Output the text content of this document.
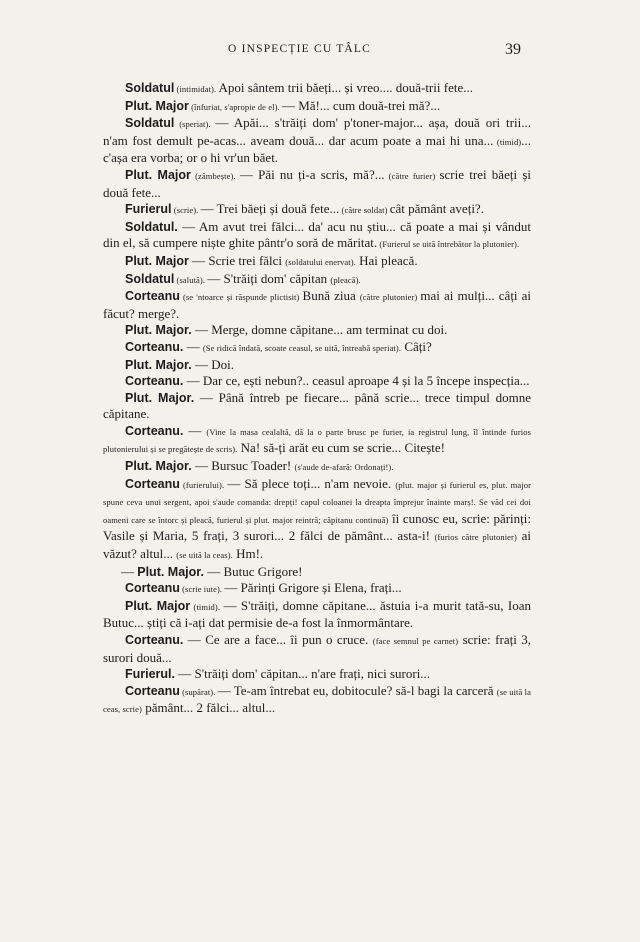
O INSPECȚIE CU TÂLC	39

Soldatul (intimidat). Apoi sântem trii băeți... și vreo.... două-trii fete...

Plut. Major (înfuriat, s'apropie de el). — Mă!... cum două-trei mă?...

Soldatul (speriat). — Apăi... s'trăiți dom' p'toner-major... așa, două ori trii... n'am fost demult pe-acas... aveam două... dar acum poate a mai hi una... (timid)... c'așa era vorba; or o hi vr'un băet.

Plut. Major (zâmbește). — Păi nu ți-a scris, mă?... (către furier) scrie trei băeți și două fete...

Furierul (scrie). — Trei băeți și două fete... (către soldat) cât pământ aveți?.

Soldatul. — Am avut trei fălci... da' acu nu știu... că poate a mai și vândut din el, să cumpere niște ghite pântr'o soră de măritat. (Furierul se uită întrebător la plutonier).

Plut. Major — Scrie trei fălci (soldatului enervat). Hai pleacă.

Soldatul (salută). — S'trăiți dom' căpitan (pleacă).

Corteanu (se 'ntoarce și răspunde plictisit) Bună ziua (către plutonier) mai ai mulți... câți ai făcut? merge?.

Plut. Major. — Merge, domne căpitane... am terminat cu doi.

Corteanu. — (Se ridică îndată, scoate ceasul, se uită, întreabă speriat). Câți?

Plut. Major. — Doi.

Corteanu. — Dar ce, ești nebun?.. ceasul aproape 4 și la 5 începe inspecția...

Plut. Major. — Până întreb pe fiecare... până scrie... trece timpul domne căpitane.

Corteanu. — (Vine la masa cealaltă, dă la o parte brusc pe furier, ia registrul lung, îl întinde furios plutonierului și se pregătește de scris). Na! să-ți arăt eu cum se scrie... Citește!

Plut. Major. — Bursuc Toader! (s'aude de-afară: Ordonați!).

Corteanu (furierului). — Să plece toți... n'am nevoie. (plut. major și furierul es, plut. major spune ceva unui sergent, apoi s'aude comanda: drepți! capul coloanei la dreapta împrejur înainte marș!. Se văd cei doi oameni care se întorc și pleacă, furierul și plut. major reintră; căpitanu continuă) îi cunosc eu, scrie: părinți: Vasile și Maria, 5 frați, 3 surori... 2 fălci de pământ... asta-i! (furios către plutonier) ai văzut? altul... (se uită la ceas). Hm!.

— Plut. Major. — Butuc Grigore!

Corteanu (scrie iute). — Părinți Grigore și Elena, frați...

Plut. Major (timid). — S'trăiți, domne căpitane... ăstuia i-a murit tată-su, Ioan Butuc... știți că i-ați dat permisie de-a fost la înmormântare.

Corteanu. — Ce are a face... îi pun o cruce. (face semnul pe carnet) scrie: frați 3, surori două...

Furierul. — S'trăiți dom' căpitan... n'are frați, nici surori...

Corteanu (supărat). — Te-am întrebat eu, dobitocule? să-l bagi la carceră (se uită la ceas, scrie) pământ... 2 fălci... altul...
